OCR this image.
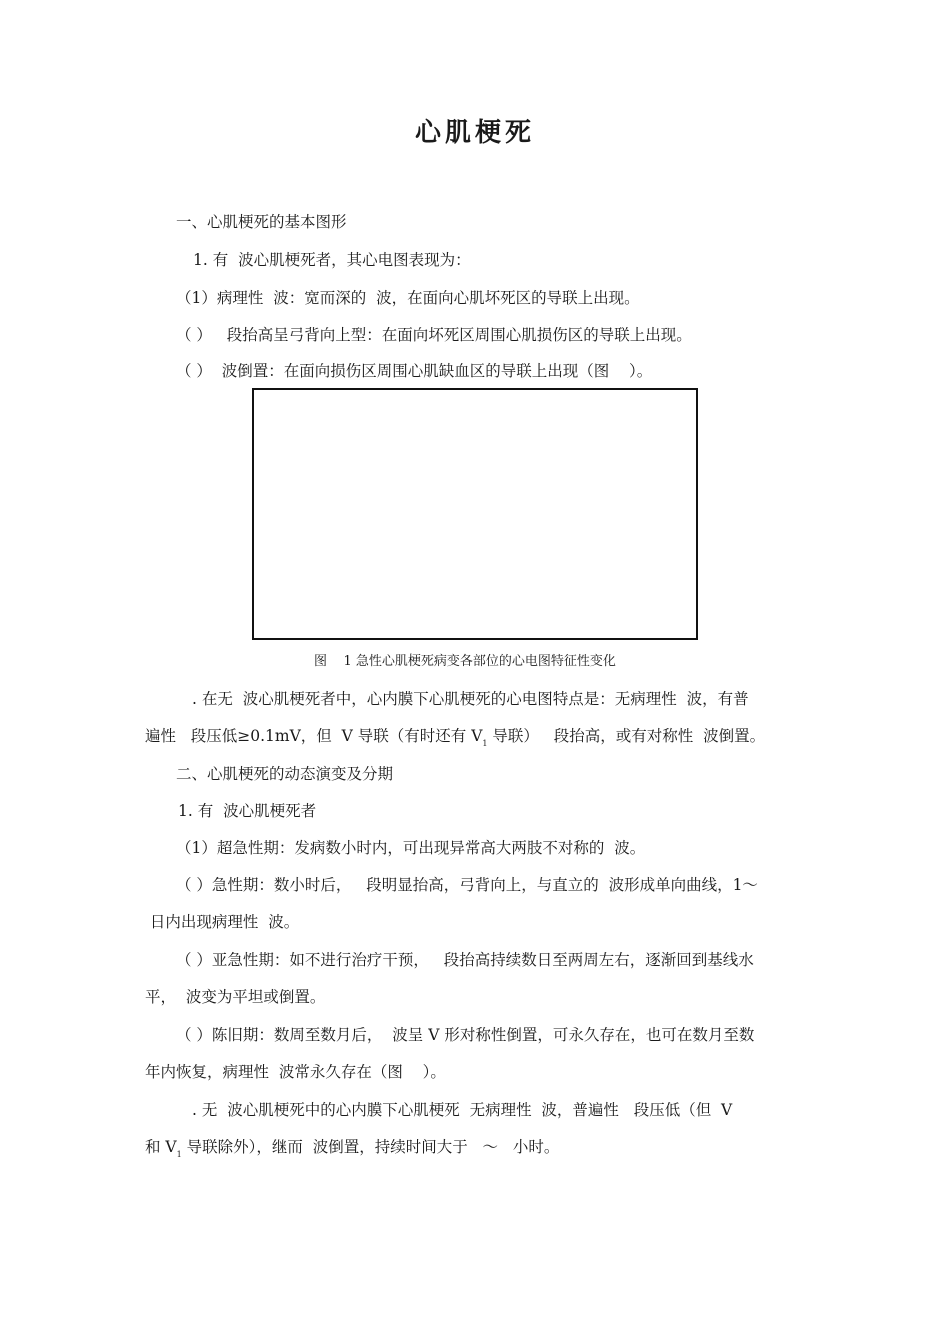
心肌梗死
一、心肌梗死的基本图形
1. 有  波心肌梗死者，其心电图表现为：
（1）病理性  波：宽而深的  波，在面向心肌坏死区的导联上出现。
（ ）   段抬高呈弓背向上型：在面向坏死区周围心肌损伤区的导联上出现。
（ ）  波倒置：在面向损伤区周围心肌缺血区的导联上出现（图    ）。
图    1 急性心肌梗死病变各部位的心电图特征性变化
. 在无  波心肌梗死者中，心内膜下心肌梗死的心电图特点是：无病理性  波，有普
遍性   段压低≥0.1mV，但  V 导联（有时还有 $V_1$ 导联）   段抬高，或有对称性  波倒置。
二、心肌梗死的动态演变及分期
1. 有  波心肌梗死者
（1）超急性期：发病数小时内，可出现异常高大两肢不对称的  波。
（ ）急性期：数小时后，   段明显抬高，弓背向上，与直立的  波形成单向曲线，1～
日内出现病理性  波。
（ ）亚急性期：如不进行治疗干预，   段抬高持续数日至两周左右，逐渐回到基线水
平，  波变为平坦或倒置。
（ ）陈旧期：数周至数月后，  波呈 V 形对称性倒置，可永久存在，也可在数月至数
年内恢复，病理性  波常永久存在（图    ）。
. 无  波心肌梗死中的心内膜下心肌梗死  无病理性  波，普遍性   段压低（但  V
和 $V_1$ 导联除外），继而  波倒置，持续时间大于   ～   小时。
